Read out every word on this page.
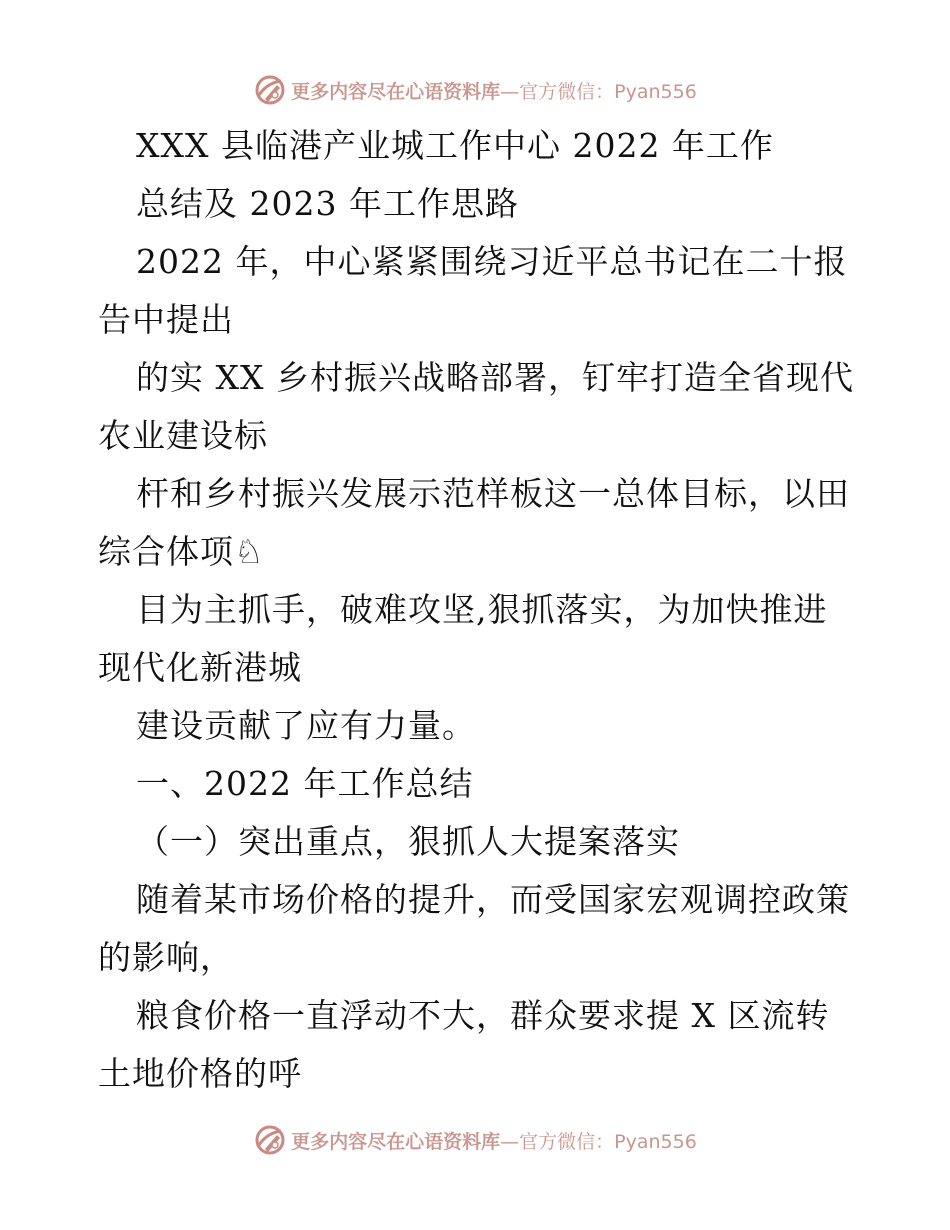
更多内容尽在心语资料库 —官方微信：Pyan556
XXX 县临港产业城工作中心 2022 年工作
总结及 2023 年工作思路
2022 年，中心紧紧围绕习近平总书记在二十报
告中提出
的实 XX 乡村振兴战略部署，钉牢打造全省现代
农业建设标
杆和乡村振兴发展示范样板这一总体目标，以田
综合体项♘
目为主抓手，破难攻坚,狠抓落实，为加快推进
现代化新港城
建设贡献了应有力量。
一、2022 年工作总结
（一）突出重点，狠抓人大提案落实
随着某市场价格的提升，而受国家宏观调控政策
的影响，
粮食价格一直浮动不大，群众要求提 X 区流转
土地价格的呼
更多内容尽在心语资料库 —官方微信：Pyan556
